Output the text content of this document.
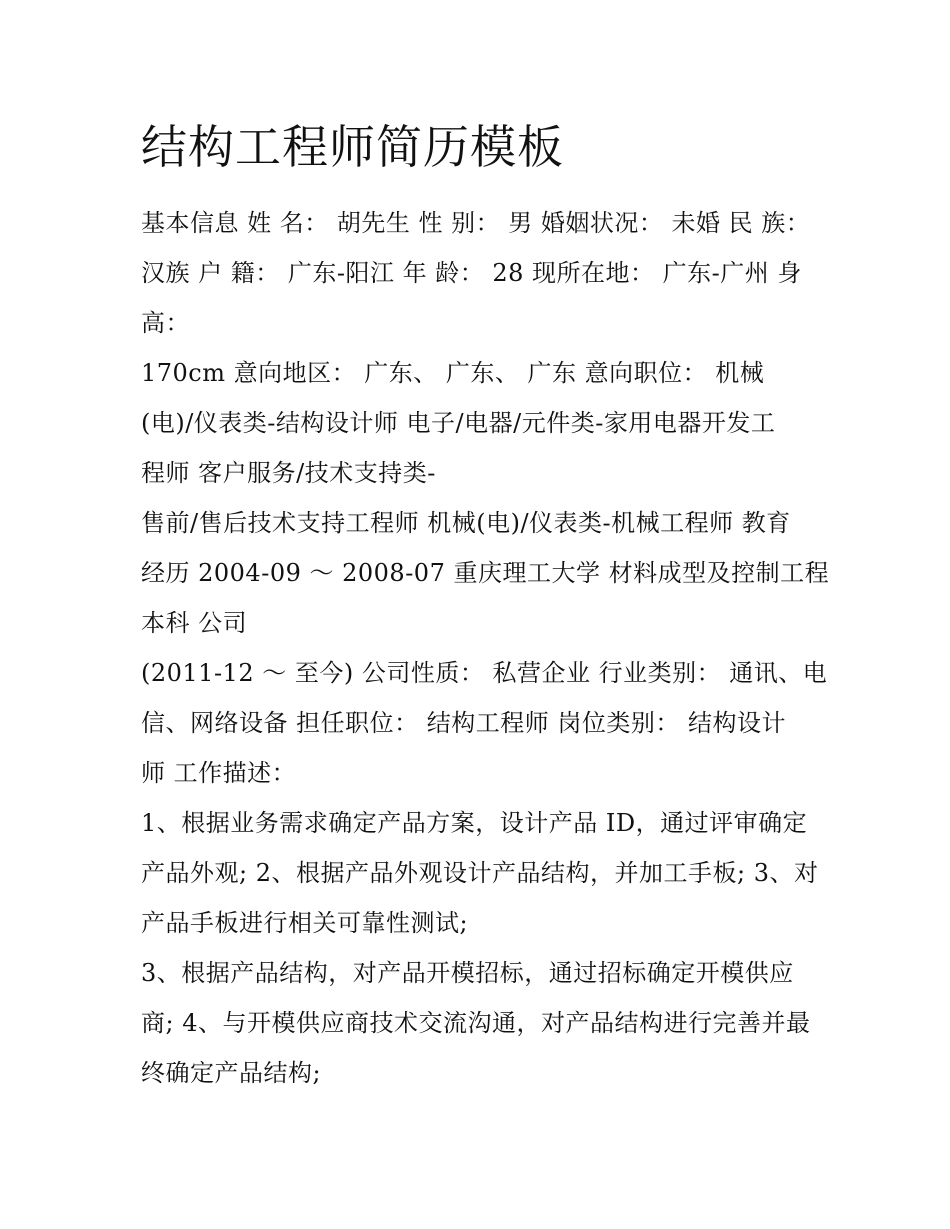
结构工程师简历模板
基本信息 姓 名： 胡先生 性 别： 男 婚姻状况： 未婚 民 族：
汉族 户 籍： 广东-阳江 年 龄： 28 现所在地： 广东-广州 身
高：
170cm 意向地区： 广东、 广东、 广东 意向职位： 机械
(电)/仪表类-结构设计师 电子/电器/元件类-家用电器开发工
程师 客户服务/技术支持类-
售前/售后技术支持工程师 机械(电)/仪表类-机械工程师 教育
经历 2004-09 ～ 2008-07 重庆理工大学 材料成型及控制工程
本科 公司
(2011-12 ～ 至今) 公司性质： 私营企业 行业类别： 通讯、电
信、网络设备 担任职位： 结构工程师 岗位类别： 结构设计
师 工作描述：
1、根据业务需求确定产品方案，设计产品 ID，通过评审确定
产品外观; 2、根据产品外观设计产品结构，并加工手板; 3、对
产品手板进行相关可靠性测试;
3、根据产品结构，对产品开模招标，通过招标确定开模供应
商; 4、与开模供应商技术交流沟通，对产品结构进行完善并最
终确定产品结构;
